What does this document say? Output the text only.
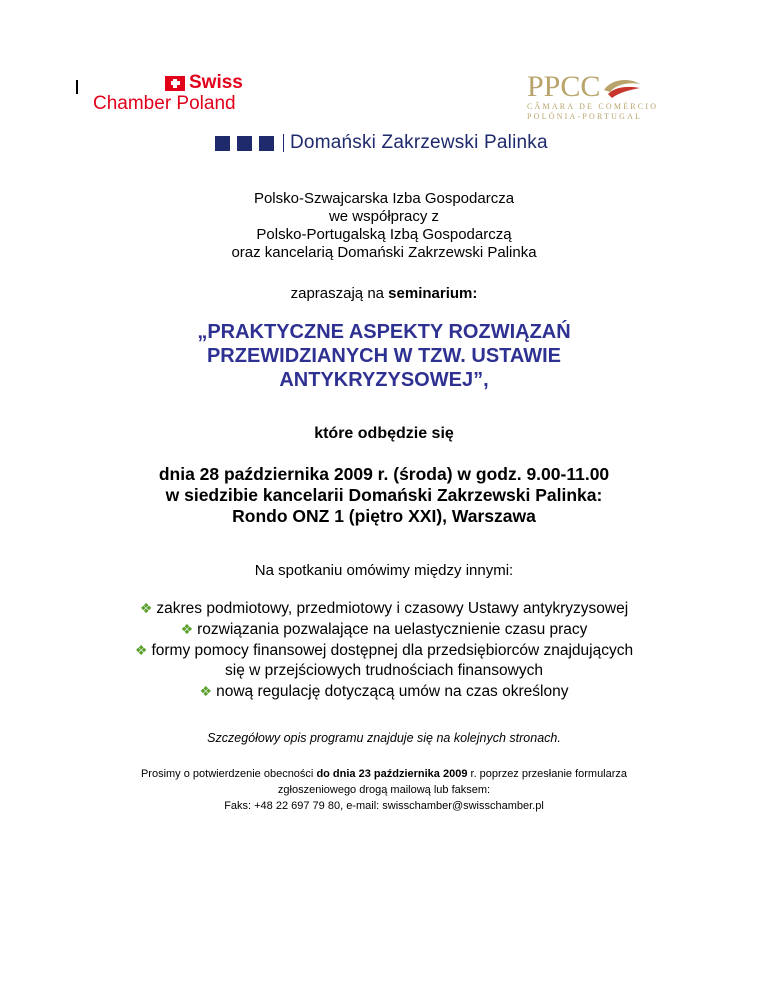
Swiss
Chamber Poland
PPCC
CÂMARA DE COMÉRCIO
POLÓNIA-PORTUGAL
Domański Zakrzewski Palinka
Polsko-Szwajcarska Izba Gospodarcza
we współpracy z
Polsko-Portugalską Izbą Gospodarczą
oraz kancelarią Domański Zakrzewski Palinka
zapraszają na seminarium:
„PRAKTYCZNE ASPEKTY ROZWIĄZAŃ
PRZEWIDZIANYCH W TZW. USTAWIE
ANTYKRYZYSOWEJ”,
które odbędzie się
dnia 28 października 2009 r. (środa) w godz. 9.00-11.00
w siedzibie kancelarii Domański Zakrzewski Palinka:
Rondo ONZ 1 (piętro XXI), Warszawa
Na spotkaniu omówimy między innymi:
❖ zakres podmiotowy, przedmiotowy i czasowy Ustawy antykryzysowej
❖ rozwiązania pozwalające na uelastycznienie czasu pracy
❖ formy pomocy finansowej dostępnej dla przedsiębiorców znajdujących
się w przejściowych trudnościach finansowych
❖ nową regulację dotyczącą umów na czas określony
Szczegółowy opis programu znajduje się na kolejnych stronach.
Prosimy o potwierdzenie obecności do dnia 23 października 2009 r. poprzez przesłanie formularza
zgłoszeniowego drogą mailową lub faksem:
Faks: +48 22 697 79 80, e-mail: swisschamber@swisschamber.pl
